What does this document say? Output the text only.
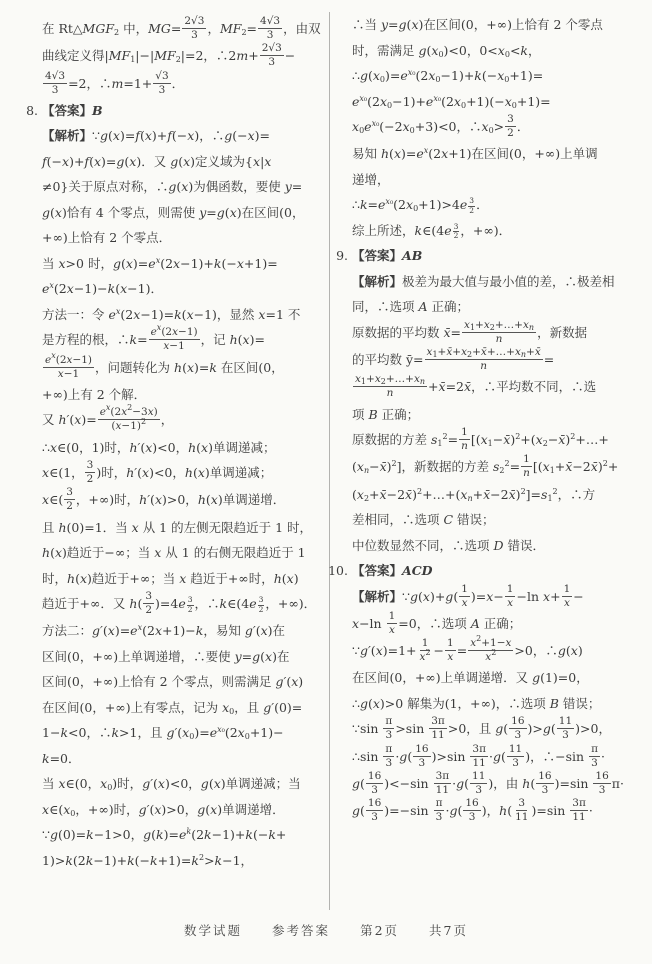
在 $Rt\triangle MGF_2$ 中，$MG= \frac{2√3}{3}$ ，$MF_2= \frac{4√3}{3}$ ，由双
曲线定义得$|MF_1|-|MF_2|=2$，∴2m+ $\frac{2√3}{3}$ −
$\frac{4√3}{3} =2$，∴m=1+ $\frac{√3}{3}$ ．
8. 【答案】B
【解析】∵g(x)=f(x)+f(−x)，∴g(−x)=
f(−x)+f(x)=g(x)．又 g(x)定义域为{x|x
≠0}关于原点对称，∴g(x)为偶函数，要使 y=
g(x)恰有 4 个零点，则需使 y=g(x)在区间(0，
+∞)上恰有 2 个零点．
当 x>0 时，$g(x)=e^x(2x-1)+k(-x+1)=$
$e^x(2x-1)-k(x-1)$．
方法一：令 $e^x(2x-1)=k(x-1)$，显然 x=1 不
是方程的根，∴k= $\frac{e^x(2x-1)}{x-1}$ ，记 h(x)=
$\frac{e^x(2x-1)}{x-1}$ ，问题转化为 h(x)=k 在区间(0，
+∞)上有 2 个解．
又 $h'(x)= \frac{e^x(2x^2-3x)}{(x-1)^2}$ ，
∴x∈(0，1)时，h′(x)<0，h(x)单调递减；
x∈(1， $\frac{3}{2}$ )时，h′(x)<0，h(x)单调递减；
x∈( $\frac{3}{2}$ ，+∞)时，h′(x)>0，h(x)单调递增．
且 h(0)=1．当 x 从 1 的左侧无限趋近于 1 时，
h(x)趋近于−∞；当 x 从 1 的右侧无限趋近于 1
时，h(x)趋近于+∞；当 x 趋近于+∞时，h(x)
趋近于+∞．又 $h( \frac{3}{2} )=4e \frac{3}{2}$ ，∴k∈(4e $\frac{3}{2}$ ，+∞)．
方法二：$g'(x)=e^x(2x+1)-k$，易知 g′(x)在
区间(0，+∞)上单调递增，∴要使 y=g(x)在
区间(0，+∞)上恰有 2 个零点，则需满足 g′(x)
在区间(0，+∞)上有零点，记为 $x_0$，且 g′(0)=
1−k<0，∴k>1，且 $g'(x_0)=e^{x_0}(2x_0+1)-$
k=0．
当 x∈(0，$x_0$)时，g′(x)<0，g(x)单调递减；当
$x\in(x_0$，+∞)时，g′(x)>0，g(x)单调递增．
∵g(0)=k−1>0，$g(k)=e^k(2k-1)+k(-k+$
$1)>k(2k-1)+k(-k+1)=k^2>k-1$，
∴当 y=g(x)在区间(0，+∞)上恰有 2 个零点
时，需满足 $g(x_0)<0$，$0<x_0<k$，
$\therefore g(x_0)=e^{x_0}(2x_0-1)+k(-x_0+1)=$
$e^{x_0}(2x_0-1)+e^{x_0}(2x_0+1)(-x_0+1)=$
$x_0e^{x_0}(-2x_0+3)<0$，$\therefore x_0> \frac{3}{2}$ ．
易知 $h(x)=e^x(2x+1)$在区间(0，+∞)上单调
递增，
$\therefore k=e^{x_0}(2x_0+1)>4e \frac{3}{2}$ ．
综上所述，k∈(4e $\frac{3}{2}$ ，+∞)．
9. 【答案】AB
【解析】极差为最大值与最小值的差，∴极差相
同，∴选项 A 正确；
原数据的平均数 x̄= $\frac{x_1+x_2+\dots+x_n}{n}$ ，新数据
的平均数 ȳ= $\frac{x_1+x̄+x_2+x̄+\dots+x_n+x̄}{n}$ =
$\frac{x_1+x_2+\dots+x_n}{n}$ +x̄=2x̄，∴平均数不同，∴选
项 B 正确；
原数据的方差 $s_1^2= \frac{1}{n}$ [$(x_1-x̄)^2+(x_2-x̄)^2+\dots+$
$(x_n-x̄)^2$]，新数据的方差 $s_2^2= \frac{1}{n}$ [$(x_1+x̄-2x̄)^2+$
$(x_2+x̄-2x̄)^2+\dots+(x_n+x̄-2x̄)^2]=s_1^2$，∴方
差相同，∴选项 C 错误；
中位数显然不同，∴选项 D 错误．
10. 【答案】ACD
【解析】∵g(x)+g( $\frac{1}{x} )=x- \frac{1}{x} -\ln$ $x+ \frac{1}{x}$ −
$x-\ln \frac{1}{x} =0$，∴选项 A 正确；
∵g′(x)=1+ $\frac{1}{x^2} - \frac{1}{x} = \frac{x^2+1-x}{x^2} >0$，∴g(x)
在区间(0，+∞)上单调递增．又 g(1)=0，
∴g(x)>0 解集为(1，+∞)，∴选项 B 错误；
∵sin $\frac{\pi}{3} >\sin \frac{3\pi}{11} >0$，且 $g( \frac{16}{3} )>g( \frac{11}{3} )>0$，
∴sin $\frac{\pi}{3} \cdot g( \frac{16}{3} )>\sin \frac{3\pi}{11} \cdot g( \frac{11}{3}$ )，∴−sin $\frac{\pi}{3}$ ·
$g( \frac{16}{3} )<-\sin \frac{3\pi}{11} \cdot g( \frac{11}{3}$ )，由 $h( \frac{16}{3} )=\sin \frac{16}{3} \pi\cdot$
$g( \frac{16}{3} )=-\sin \frac{\pi}{3} \cdot g( \frac{16}{3}$ )，$h( \frac{3}{11} )=\sin \frac{3\pi}{11}$ ·
数学试题 参考答案 第2页 共7页
